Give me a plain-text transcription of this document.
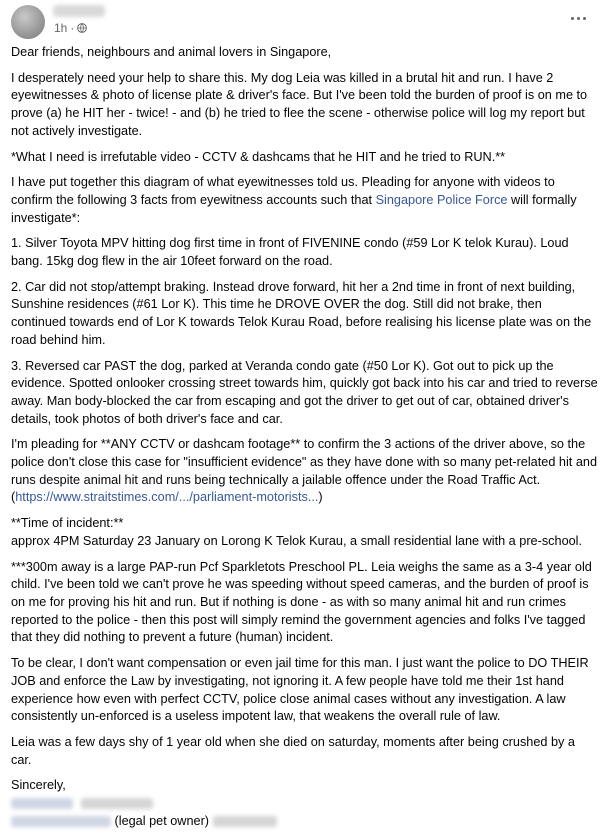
1h ·

Dear friends, neighbours and animal lovers in Singapore,

I desperately need your help to share this. My dog Leia was killed in a brutal hit and run. I have 2 eyewitnesses & photo of license plate & driver's face. But I've been told the burden of proof is on me to prove (a) he HIT her - twice! - and (b) he tried to flee the scene - otherwise police will log my report but not actively investigate.

*What I need is irrefutable video - CCTV & dashcams that he HIT and he tried to RUN.**

I have put together this diagram of what eyewitnesses told us. Pleading for anyone with videos to confirm the following 3 facts from eyewitness accounts such that Singapore Police Force will formally investigate*:

1. Silver Toyota MPV hitting dog first time in front of FIVENINE condo (#59 Lor K telok Kurau). Loud bang. 15kg dog flew in the air 10feet forward on the road.

2. Car did not stop/attempt braking. Instead drove forward, hit her a 2nd time in front of next building, Sunshine residences (#61 Lor K). This time he DROVE OVER the dog. Still did not brake, then continued towards end of Lor K towards Telok Kurau Road, before realising his license plate was on the road behind him.

3. Reversed car PAST the dog, parked at Veranda condo gate (#50 Lor K). Got out to pick up the evidence. Spotted onlooker crossing street towards him, quickly got back into his car and tried to reverse away. Man body-blocked the car from escaping and got the driver to get out of car, obtained driver's details, took photos of both driver's face and car.

I'm pleading for **ANY CCTV or dashcam footage** to confirm the 3 actions of the driver above, so the police don't close this case for "insufficient evidence" as they have done with so many pet-related hit and runs despite animal hit and runs being technically a jailable offence under the Road Traffic Act. (https://www.straitstimes.com/.../parliament-motorists...)

**Time of incident:**
approx 4PM Saturday 23 January on Lorong K Telok Kurau, a small residential lane with a pre-school.

***300m away is a large PAP-run Pcf Sparkletots Preschool PL. Leia weighs the same as a 3-4 year old child. I've been told we can't prove he was speeding without speed cameras, and the burden of proof is on me for proving his hit and run. But if nothing is done - as with so many animal hit and run crimes reported to the police - then this post will simply remind the government agencies and folks I've tagged that they did nothing to prevent a future (human) incident.

To be clear, I don't want compensation or even jail time for this man. I just want the police to DO THEIR JOB and enforce the Law by investigating, not ignoring it. A few people have told me their 1st hand experience how even with perfect CCTV, police close animal cases without any investigation. A law consistently un-enforced is a useless impotent law, that weakens the overall rule of law.

Leia was a few days shy of 1 year old when she died on saturday, moments after being crushed by a car.

Sincerely,

(legal pet owner)
